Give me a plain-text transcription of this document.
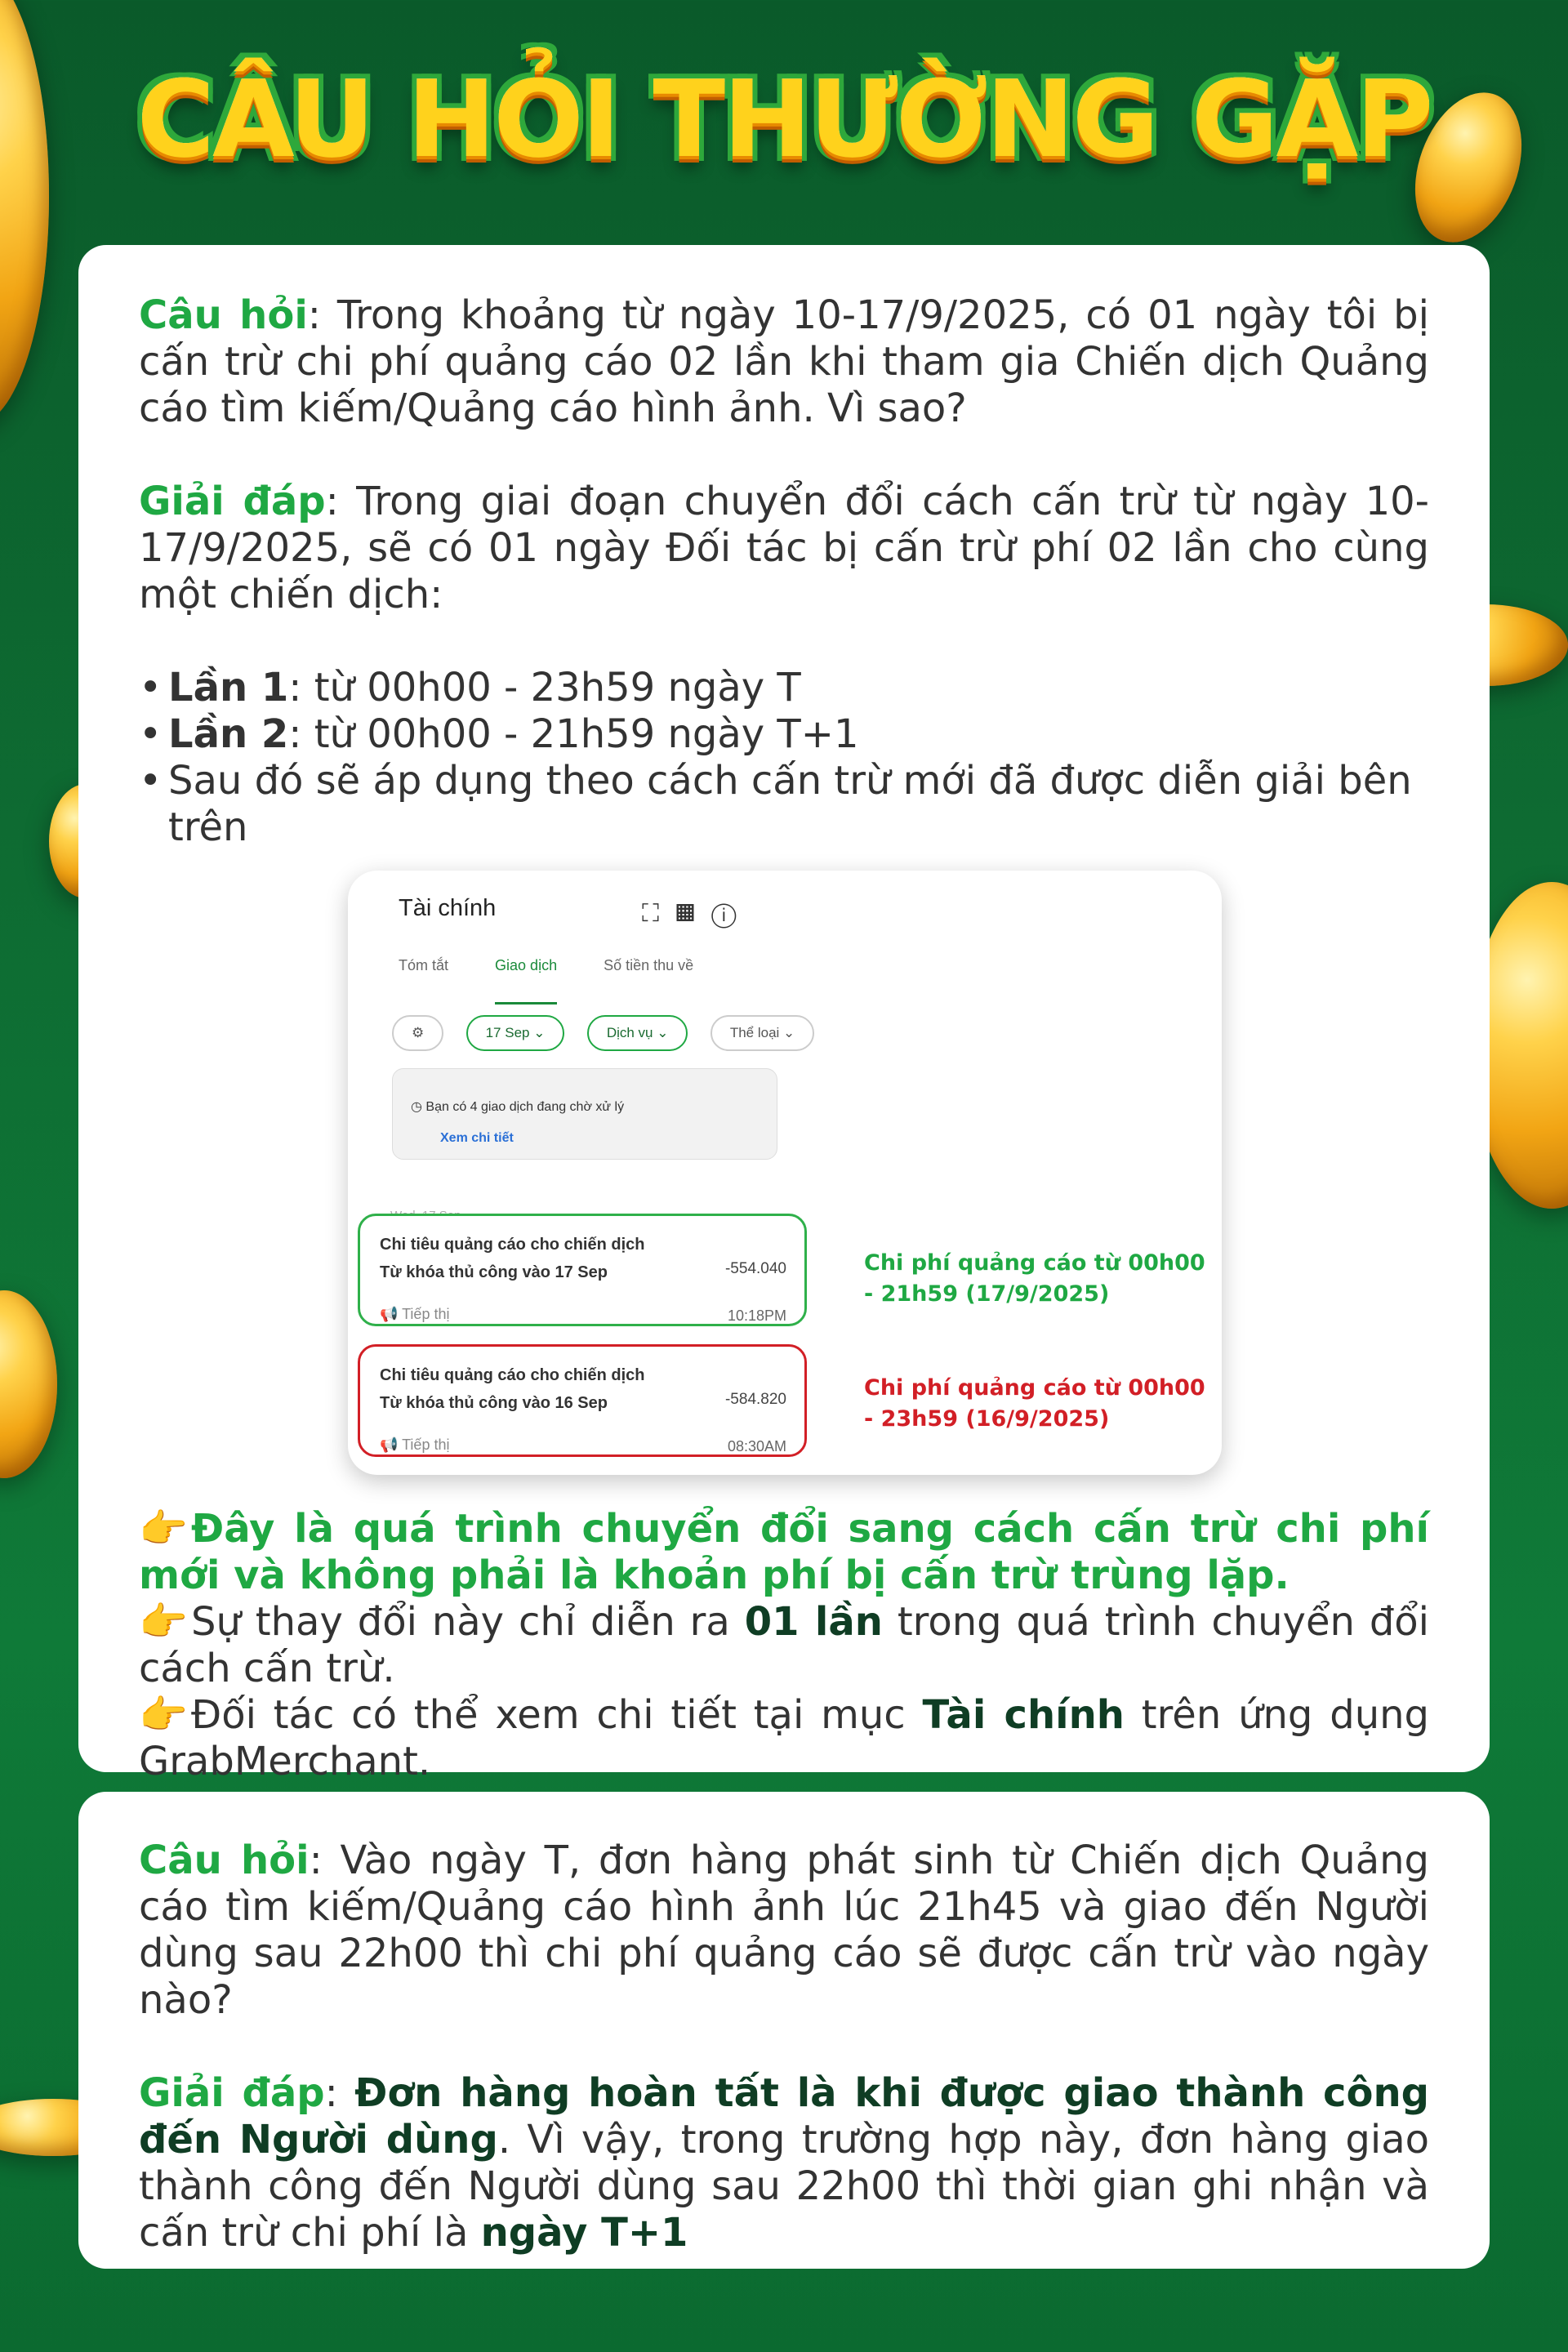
CÂU HỎI THƯỜNG GẶP

Câu hỏi: Trong khoảng từ ngày 10-17/9/2025, có 01 ngày tôi bị cấn trừ chi phí quảng cáo 02 lần khi tham gia Chiến dịch Quảng cáo tìm kiếm/Quảng cáo hình ảnh. Vì sao?

Giải đáp: Trong giai đoạn chuyển đổi cách cấn trừ từ ngày 10-17/9/2025, sẽ có 01 ngày Đối tác bị cấn trừ phí 02 lần cho cùng một chiến dịch:

• Lần 1: từ 00h00 - 23h59 ngày T
• Lần 2: từ 00h00 - 21h59 ngày T+1
• Sau đó sẽ áp dụng theo cách cấn trừ mới đã được diễn giải bên trên
Tài chính	⛶▦ⓘ
Tóm tắt	Giao dịch	Số tiền thu về
⚙	17 Sep ⌄	Dịch vụ ⌄	Thể loại ⌄
◷ Bạn có 4 giao dịch đang chờ xử lý
Xem chi tiết
Chi tiêu quảng cáo cho chiến dịch
Từ khóa thủ công vào 17 Sep
📢 Tiếp thị
-554.040
10:18PM
Chi tiêu quảng cáo cho chiến dịch
Từ khóa thủ công vào 16 Sep
📢 Tiếp thị
-584.820
08:30AM
Chi phí quảng cáo từ 00h00
- 21h59 (17/9/2025)
Chi phí quảng cáo từ 00h00
- 23h59 (16/9/2025)

👉Đây là quá trình chuyển đổi sang cách cấn trừ chi phí mới và không phải là khoản phí bị cấn trừ trùng lặp.

👉Sự thay đổi này chỉ diễn ra 01 lần trong quá trình chuyển đổi cách cấn trừ.

👉Đối tác có thể xem chi tiết tại mục Tài chính trên ứng dụng GrabMerchant.

Câu hỏi: Vào ngày T, đơn hàng phát sinh từ Chiến dịch Quảng cáo tìm kiếm/Quảng cáo hình ảnh lúc 21h45 và giao đến Người dùng sau 22h00 thì chi phí quảng cáo sẽ được cấn trừ vào ngày nào?

Giải đáp: Đơn hàng hoàn tất là khi được giao thành công đến Người dùng. Vì vậy, trong trường hợp này, đơn hàng giao thành công đến Người dùng sau 22h00 thì thời gian ghi nhận và cấn trừ chi phí là ngày T+1
